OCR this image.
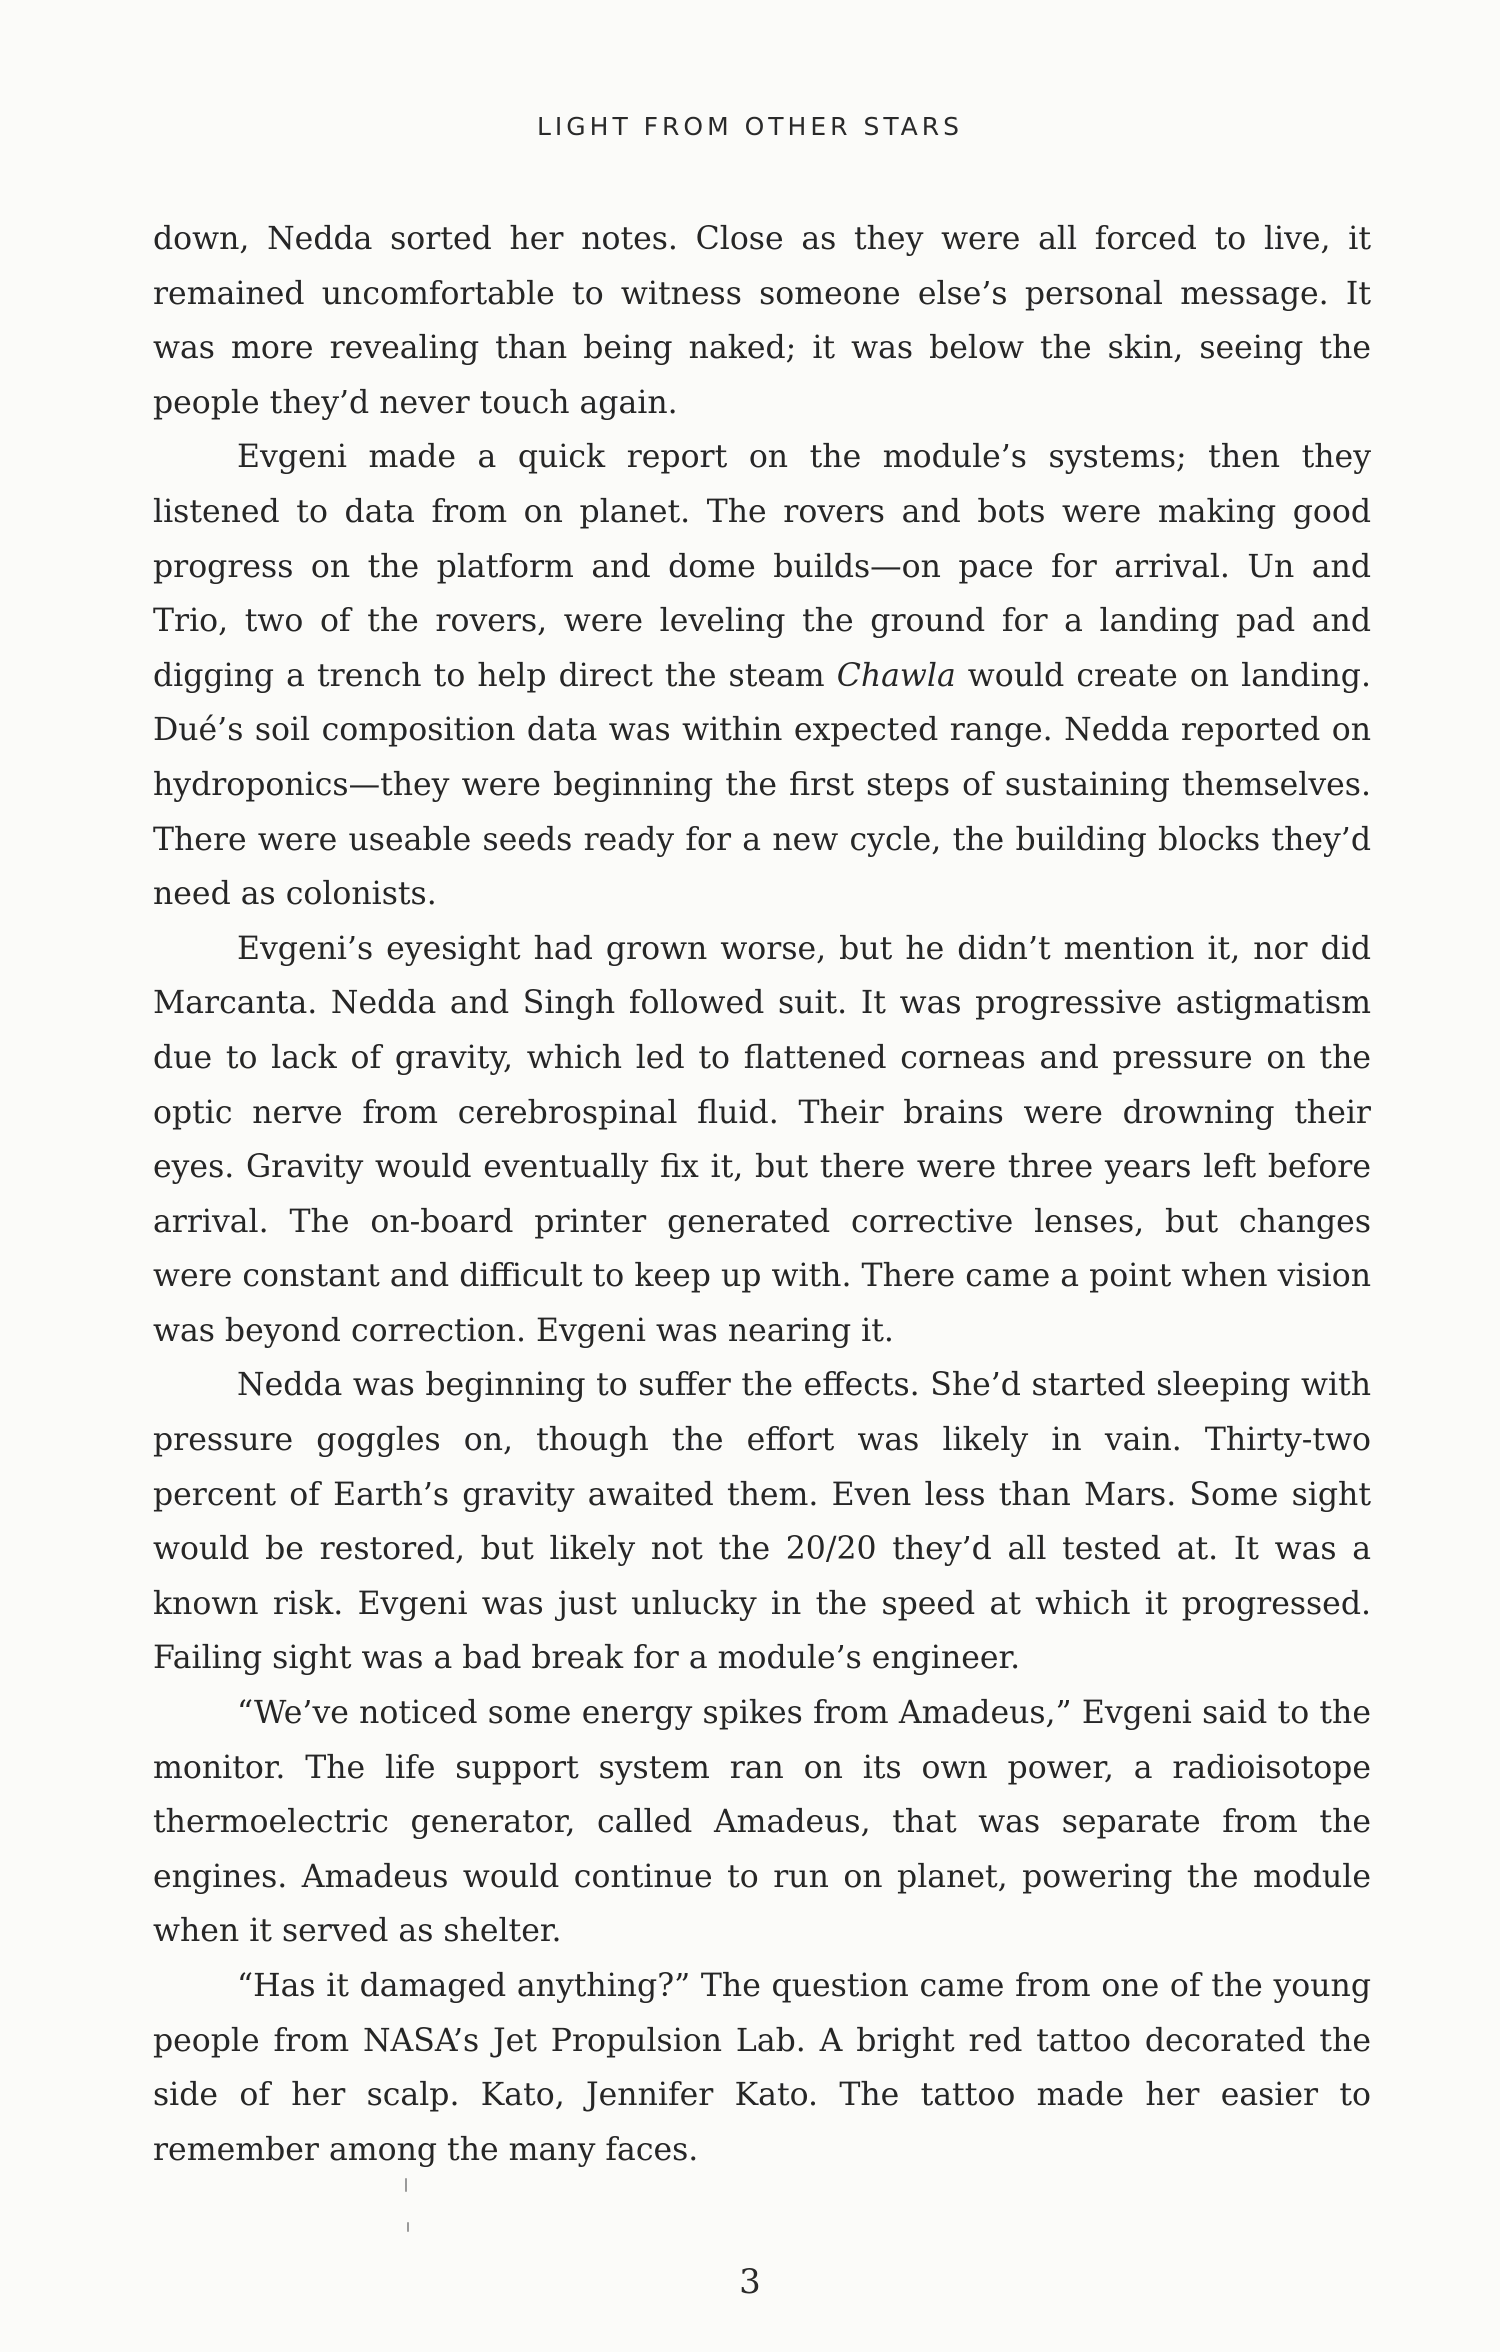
LIGHT FROM OTHER STARS

down, Nedda sorted her notes. Close as they were all forced to live, it remained uncomfortable to witness someone else’s personal message. It was more revealing than being naked; it was below the skin, seeing the people they’d never touch again.

Evgeni made a quick report on the module’s systems; then they listened to data from on planet. The rovers and bots were making good progress on the platform and dome builds—on pace for arrival. Un and Trio, two of the rovers, were leveling the ground for a landing pad and digging a trench to help direct the steam Chawla would create on landing. Dué’s soil composition data was within expected range. Nedda reported on hydroponics—they were beginning the first steps of sustaining themselves. There were useable seeds ready for a new cycle, the building blocks they’d need as colonists.

Evgeni’s eyesight had grown worse, but he didn’t mention it, nor did Marcanta. Nedda and Singh followed suit. It was progressive astigmatism due to lack of gravity, which led to flattened corneas and pressure on the optic nerve from cerebrospinal fluid. Their brains were drowning their eyes. Gravity would eventually fix it, but there were three years left before arrival. The on-board printer generated corrective lenses, but changes were constant and difficult to keep up with. There came a point when vision was beyond correction. Evgeni was nearing it.

Nedda was beginning to suffer the effects. She’d started sleeping with pressure goggles on, though the effort was likely in vain. Thirty-two percent of Earth’s gravity awaited them. Even less than Mars. Some sight would be restored, but likely not the 20/20 they’d all tested at. It was a known risk. Evgeni was just unlucky in the speed at which it progressed. Failing sight was a bad break for a module’s engineer.

“We’ve noticed some energy spikes from Amadeus,” Evgeni said to the monitor. The life support system ran on its own power, a radioisotope thermoelectric generator, called Amadeus, that was separate from the engines. Amadeus would continue to run on planet, powering the module when it served as shelter.

“Has it damaged anything?” The question came from one of the young people from NASA’s Jet Propulsion Lab. A bright red tattoo decorated the side of her scalp. Kato, Jennifer Kato. The tattoo made her easier to remember among the many faces.

3
